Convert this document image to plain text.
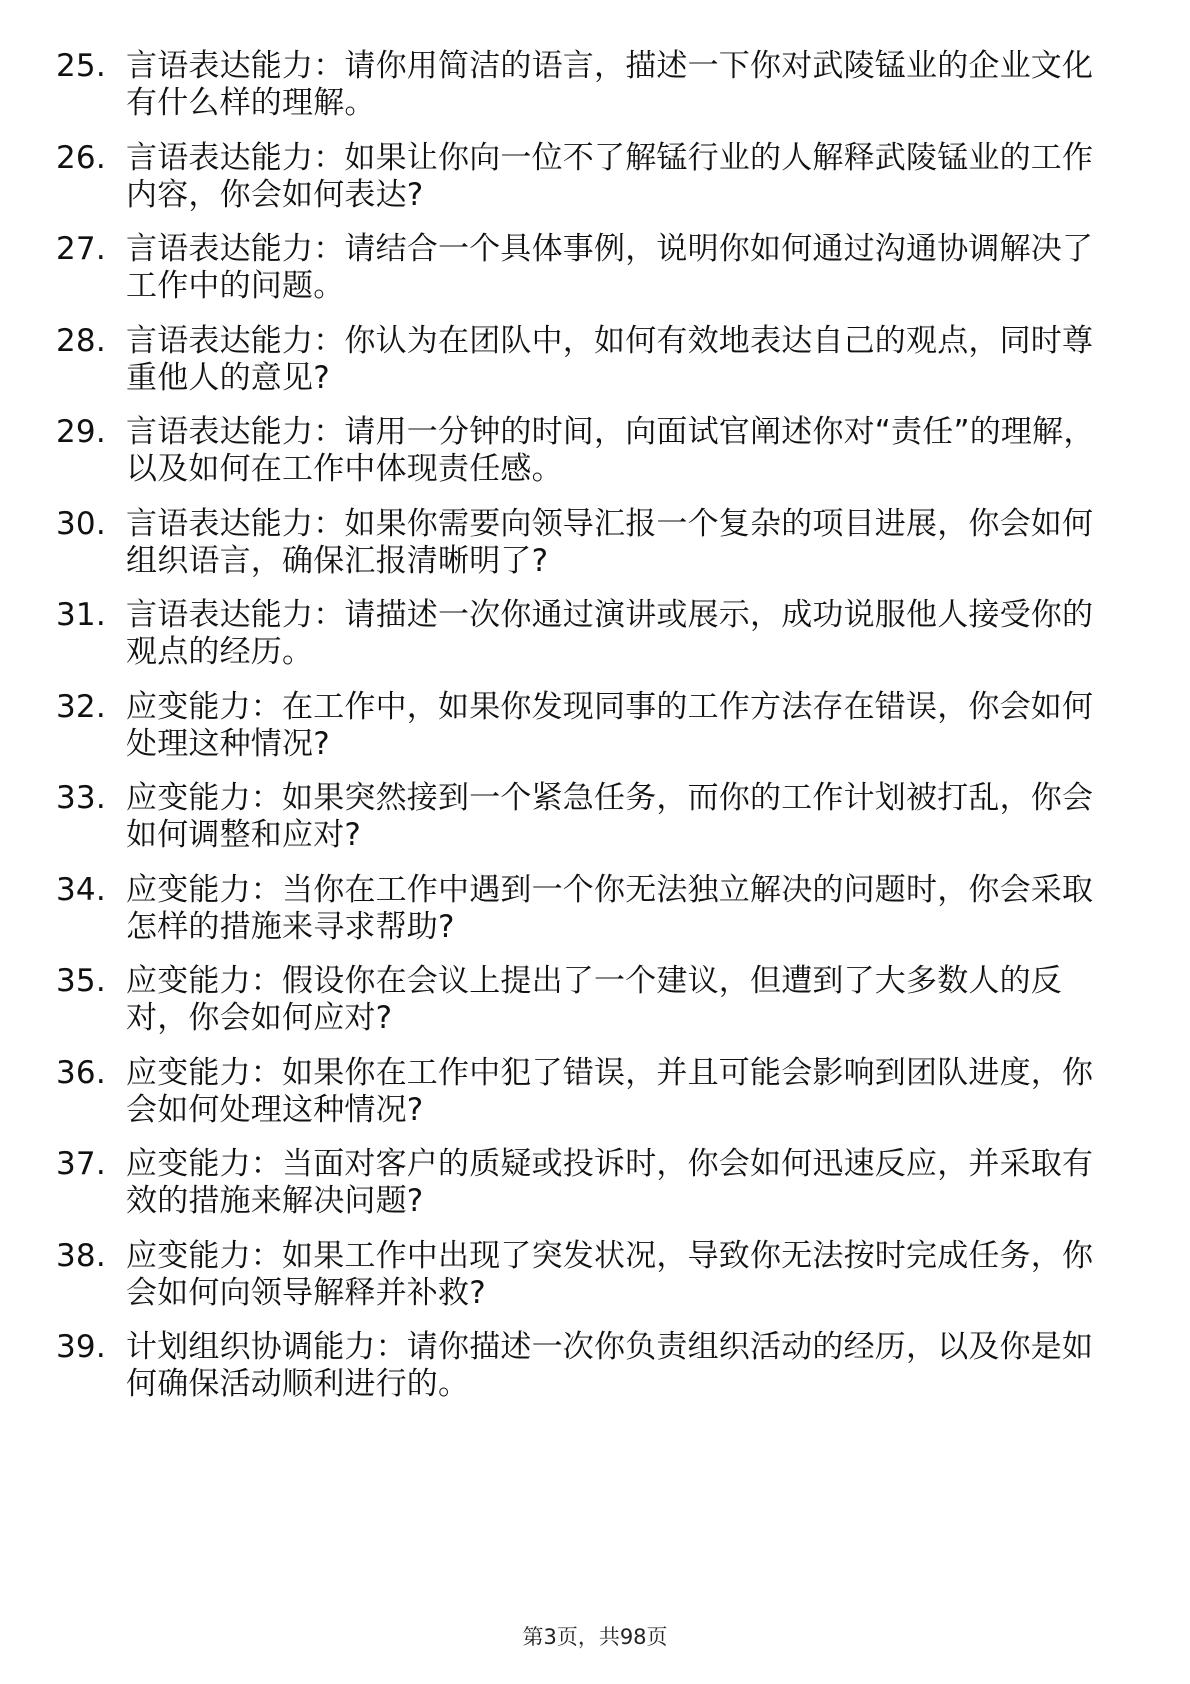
25. 言语表达能力：请你用简洁的语言，描述一下你对武陵锰业的企业文化有什么样的理解。
26. 言语表达能力：如果让你向一位不了解锰行业的人解释武陵锰业的工作内容，你会如何表达?
27. 言语表达能力：请结合一个具体事例，说明你如何通过沟通协调解决了工作中的问题。
28. 言语表达能力：你认为在团队中，如何有效地表达自己的观点，同时尊重他人的意见?
29. 言语表达能力：请用一分钟的时间，向面试官阐述你对“责任”的理解，以及如何在工作中体现责任感。
30. 言语表达能力：如果你需要向领导汇报一个复杂的项目进展，你会如何组织语言，确保汇报清晰明了?
31. 言语表达能力：请描述一次你通过演讲或展示，成功说服他人接受你的观点的经历。
32. 应变能力：在工作中，如果你发现同事的工作方法存在错误，你会如何处理这种情况?
33. 应变能力：如果突然接到一个紧急任务，而你的工作计划被打乱，你会如何调整和应对?
34. 应变能力：当你在工作中遇到一个你无法独立解决的问题时，你会采取怎样的措施来寻求帮助?
35. 应变能力：假设你在会议上提出了一个建议，但遭到了大多数人的反对，你会如何应对?
36. 应变能力：如果你在工作中犯了错误，并且可能会影响到团队进度，你会如何处理这种情况?
37. 应变能力：当面对客户的质疑或投诉时，你会如何迅速反应，并采取有效的措施来解决问题?
38. 应变能力：如果工作中出现了突发状况，导致你无法按时完成任务，你会如何向领导解释并补救?
39. 计划组织协调能力：请你描述一次你负责组织活动的经历，以及你是如何确保活动顺利进行的。
第3页，共98页
